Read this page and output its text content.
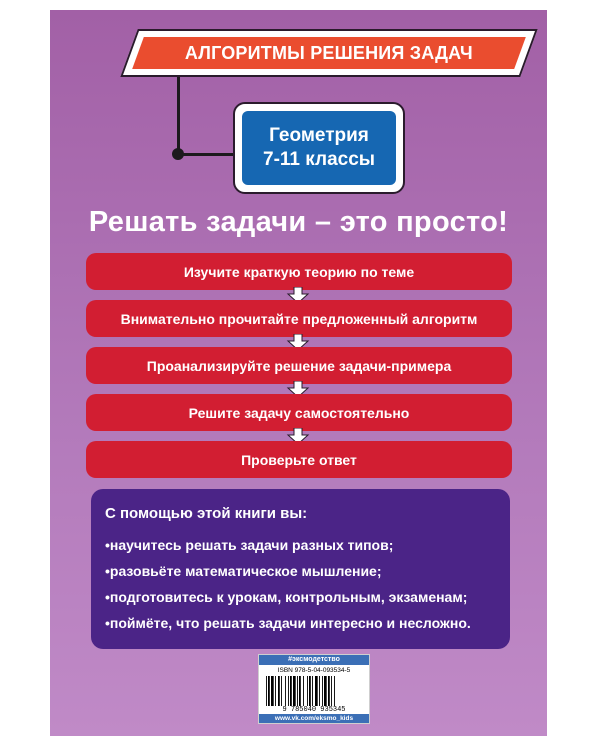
АЛГОРИТМЫ РЕШЕНИЯ ЗАДАЧ
Геометрия
7-11 классы
Решать задачи – это просто!
Изучите краткую теорию по теме
Внимательно прочитайте предложенный алгоритм
Проанализируйте решение задачи-примера
Решите задачу самостоятельно
Проверьте ответ
С помощью этой книги вы:
•научитесь решать задачи разных типов;
•разовьёте математическое мышление;
•подготовитесь к урокам, контрольным, экзаменам;
•поймёте, что решать задачи интересно и несложно.
#эксмодетство
ISBN 978-5-04-093534-5
9 785040 935345
www.vk.com/eksmo_kids
